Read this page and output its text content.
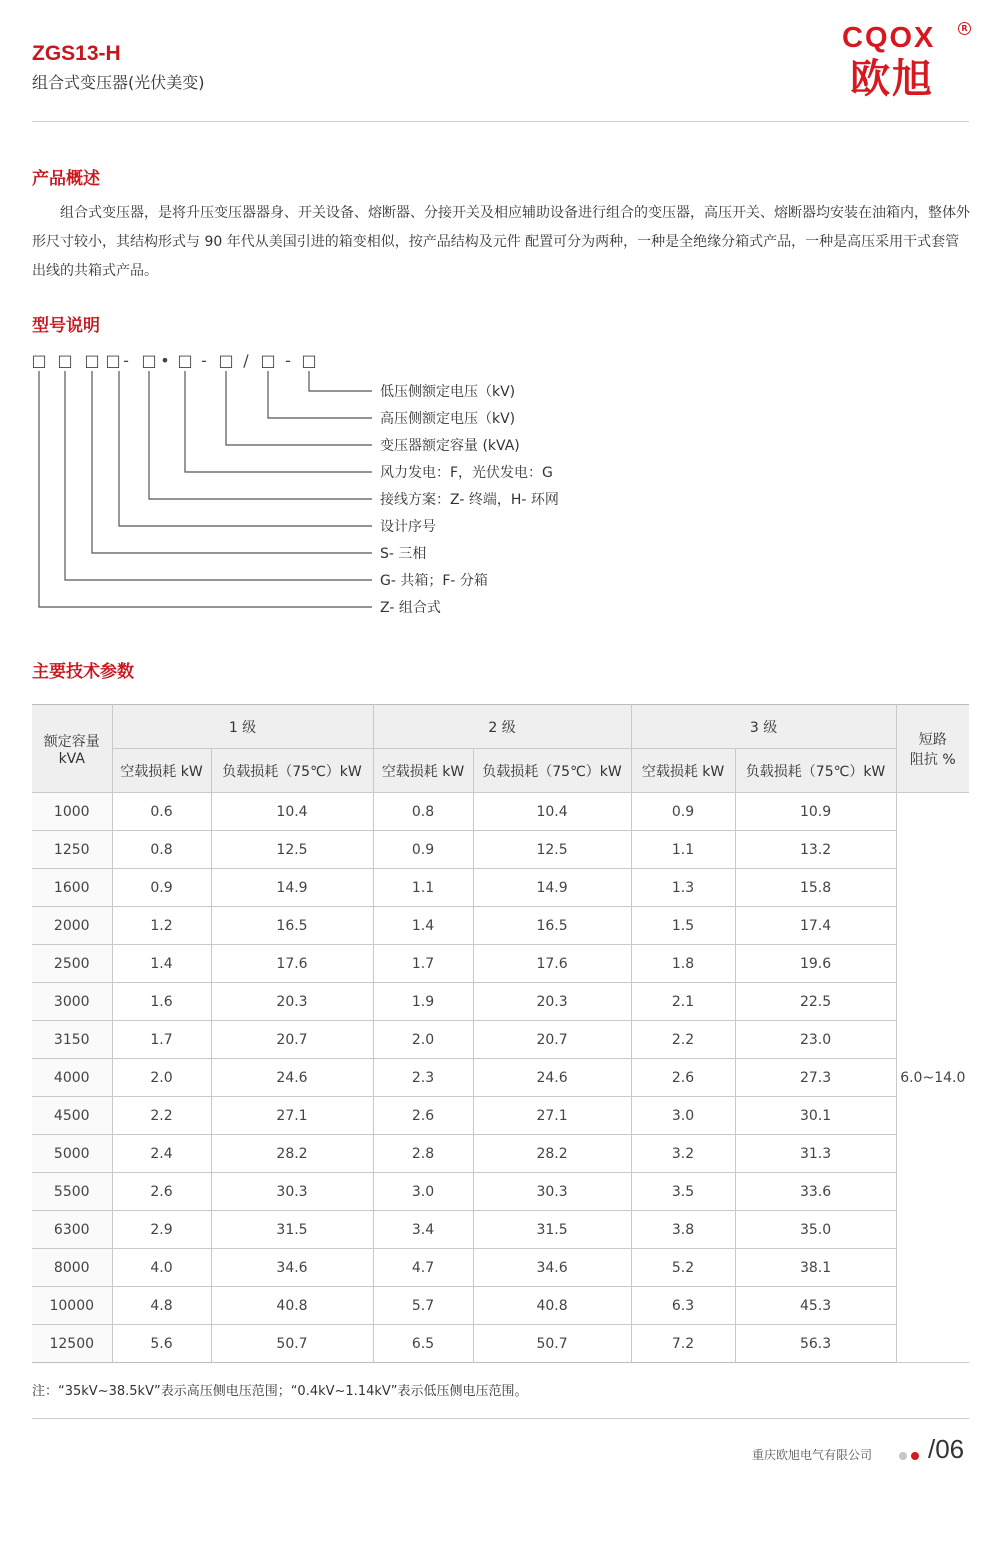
ZGS13-H
组合式变压器(光伏美变)
CQOX	R
欧旭
产品概述

组合式变压器，是将升压变压器器身、开关设备、熔断器、分接开关及相应辅助设备进行组合的变压器，高压开关、熔断器均安装在油箱内，整体外形尺寸较小，其结构形式与 90 年代从美国引进的箱变相似，按产品结构及元件 配置可分为两种，一种是全绝缘分箱式产品，一种是高压采用干式套管出线的共箱式产品。

型号说明
□ □ □ □ - □ • □ - □ / □ - □
低压侧额定电压（kV)
高压侧额定电压（kV)
变压器额定容量 (kVA)
风力发电：F，光伏发电：G
接线方案：Z- 终端，H- 环网
设计序号
S- 三相
G- 共箱；F- 分箱
Z- 组合式
主要技术参数
额定容量
kVA	1 级		2 级		3 级		短路
阻抗 %
	空载损耗 kW	负载损耗（75℃）kW	空载损耗 kW	负载损耗（75℃）kW	空载损耗 kW	负载损耗（75℃）kW	
1000	0.6	10.4	0.8	10.4	0.9	10.9	6.0~14.0
1250	0.8	12.5	0.9	12.5	1.1	13.2	
1600	0.9	14.9	1.1	14.9	1.3	15.8	
2000	1.2	16.5	1.4	16.5	1.5	17.4	
2500	1.4	17.6	1.7	17.6	1.8	19.6	
3000	1.6	20.3	1.9	20.3	2.1	22.5	
3150	1.7	20.7	2.0	20.7	2.2	23.0	
4000	2.0	24.6	2.3	24.6	2.6	27.3	
4500	2.2	27.1	2.6	27.1	3.0	30.1	
5000	2.4	28.2	2.8	28.2	3.2	31.3	
5500	2.6	30.3	3.0	30.3	3.5	33.6	
6300	2.9	31.5	3.4	31.5	3.8	35.0	
8000	4.0	34.6	4.7	34.6	5.2	38.1	
10000	4.8	40.8	5.7	40.8	6.3	45.3	
12500	5.6	50.7	6.5	50.7	7.2	56.3	
注：“35kV~38.5kV”表示高压侧电压范围；“0.4kV~1.14kV”表示低压侧电压范围。
重庆欧旭电气有限公司 /06
